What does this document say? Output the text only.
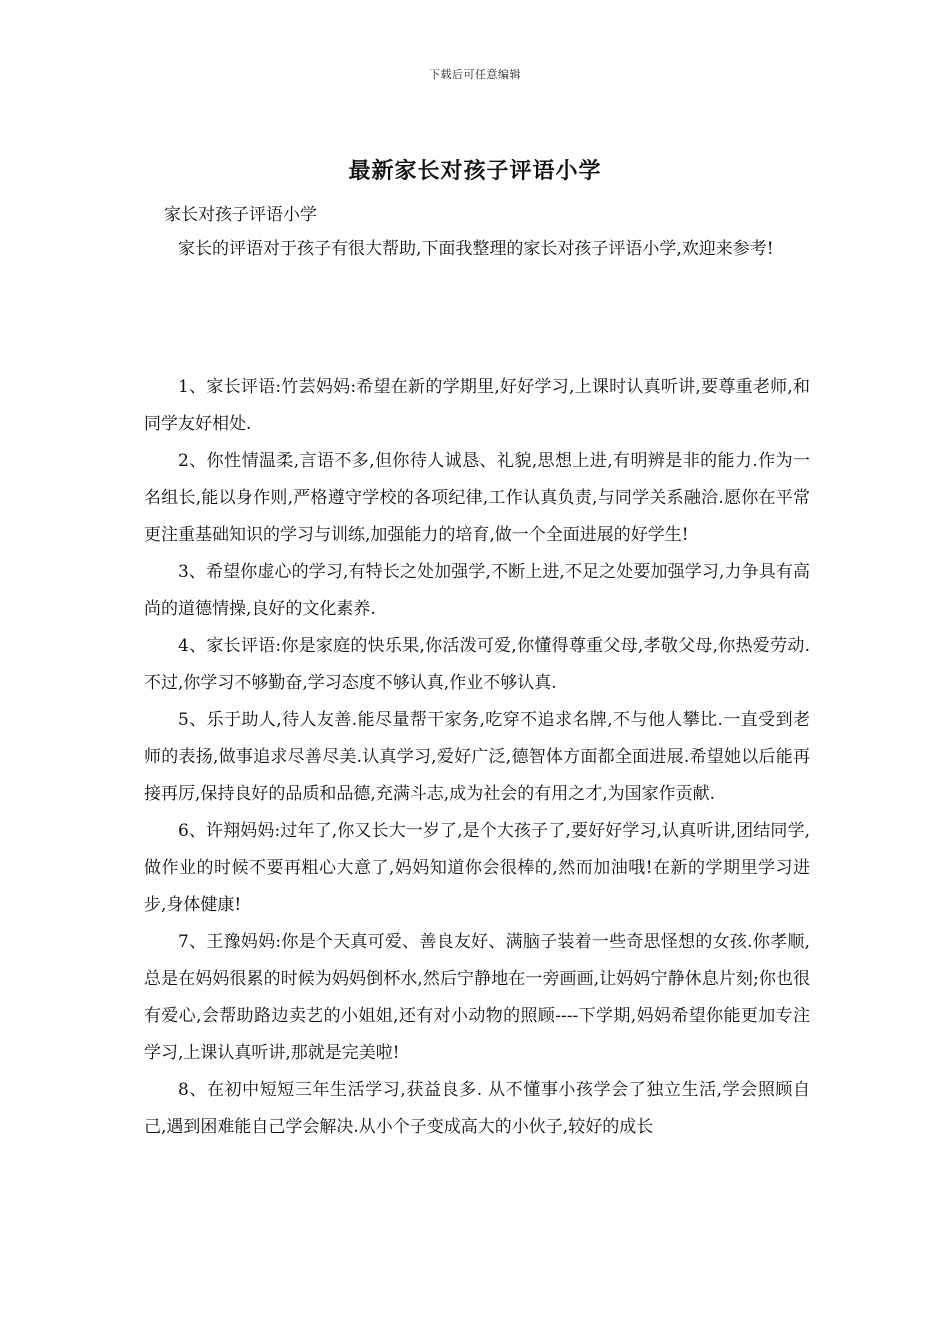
下载后可任意编辑
最新家长对孩子评语小学
家长对孩子评语小学

家长的评语对于孩子有很大帮助,下面我整理的家长对孩子评语小学,欢迎来参考!

1、家长评语:竹芸妈妈:希望在新的学期里,好好学习,上课时认真听讲,要尊重老师,和同学友好相处.

2、你性情温柔,言语不多,但你待人诚恳、礼貌,思想上进,有明辨是非的能力.作为一名组长,能以身作则,严格遵守学校的各项纪律,工作认真负责,与同学关系融洽.愿你在平常更注重基础知识的学习与训练,加强能力的培育,做一个全面进展的好学生!

3、希望你虚心的学习,有特长之处加强学,不断上进,不足之处要加强学习,力争具有高尚的道德情操,良好的文化素养.

4、家长评语:你是家庭的快乐果,你活泼可爱,你懂得尊重父母,孝敬父母,你热爱劳动.不过,你学习不够勤奋,学习态度不够认真,作业不够认真.

5、乐于助人,待人友善.能尽量帮干家务,吃穿不追求名牌,不与他人攀比.一直受到老师的表扬,做事追求尽善尽美.认真学习,爱好广泛,德智体方面都全面进展.希望她以后能再接再厉,保持良好的品质和品德,充满斗志,成为社会的有用之才,为国家作贡献.

6、许翔妈妈:过年了,你又长大一岁了,是个大孩子了,要好好学习,认真听讲,团结同学,做作业的时候不要再粗心大意了,妈妈知道你会很棒的,然而加油哦!在新的学期里学习进步,身体健康!

7、王豫妈妈:你是个天真可爱、善良友好、满脑子装着一些奇思怪想的女孩.你孝顺,总是在妈妈很累的时候为妈妈倒杯水,然后宁静地在一旁画画,让妈妈宁静休息片刻;你也很有爱心,会帮助路边卖艺的小姐姐,还有对小动物的照顾----下学期,妈妈希望你能更加专注学习,上课认真听讲,那就是完美啦!

8、在初中短短三年生活学习,获益良多. 从不懂事小孩学会了独立生活,学会照顾自己,遇到困难能自己学会解决.从小个子变成高大的小伙子,较好的成长
